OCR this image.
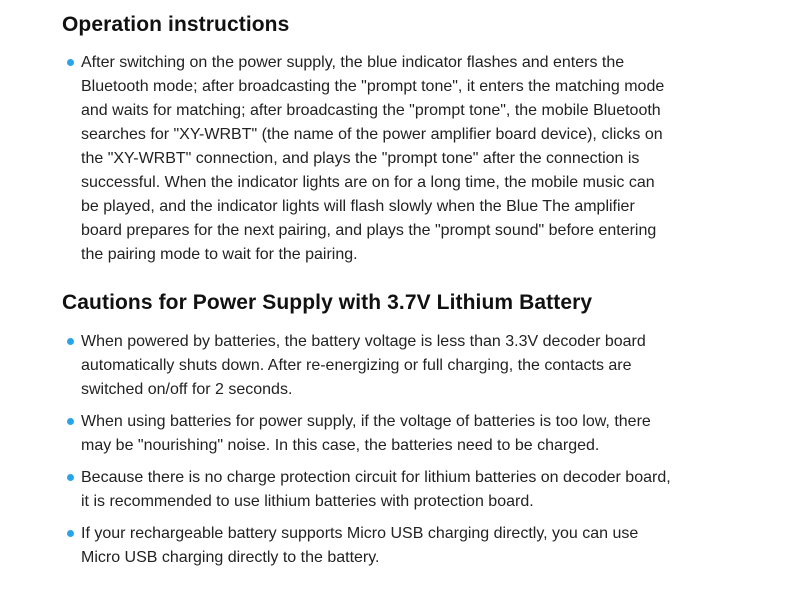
Operation instructions
After switching on the power supply, the blue indicator flashes and enters the
Bluetooth mode; after broadcasting the "prompt tone", it enters the matching mode
and waits for matching; after broadcasting the "prompt tone", the mobile Bluetooth
searches for "XY-WRBT" (the name of the power amplifier board device), clicks on
the "XY-WRBT" connection, and plays the "prompt tone" after the connection is
successful. When the indicator lights are on for a long time, the mobile music can
be played, and the indicator lights will flash slowly when the Blue The amplifier
board prepares for the next pairing, and plays the "prompt sound" before entering
the pairing mode to wait for the pairing.
Cautions for Power Supply with 3.7V Lithium Battery
When powered by batteries, the battery voltage is less than 3.3V decoder board
automatically shuts down. After re-energizing or full charging, the contacts are
switched on/off for 2 seconds.
When using batteries for power supply, if the voltage of batteries is too low, there
may be "nourishing" noise. In this case, the batteries need to be charged.
Because there is no charge protection circuit for lithium batteries on decoder board,
it is recommended to use lithium batteries with protection board.
If your rechargeable battery supports Micro USB charging directly, you can use
Micro USB charging directly to the battery.
